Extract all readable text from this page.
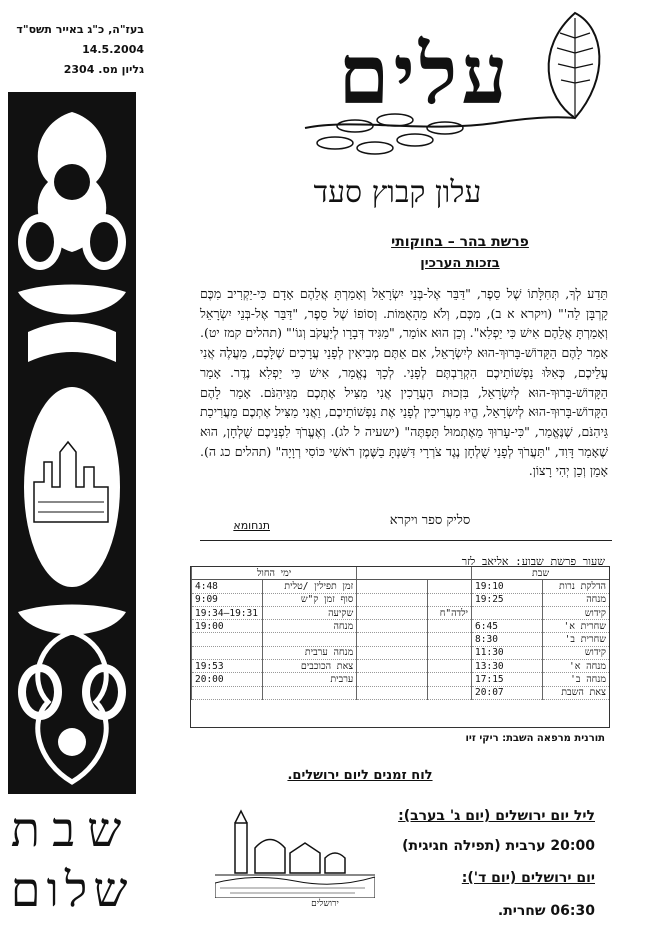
בעז"ה, כ"ג באייר תשס"ד
14.5.2004
גליון מס. 2304
שבת
שלום
עלים
עלון קבוץ סעד
פרשת בהר – בחוקותי
בזכות הערכין
תֵּדַע לְךָ, תְּחִלָּתוֹ שֶׁל סֵפֶר, "דַּבֵּר אֶל-בְּנֵי יִשְׂרָאֵל וְאָמַרְתָּ אֲלֵהֶם אָדָם כִּי-יַקְרִיב מִכֶּם קָרְבָּן לַה'" (ויקרא א ב), מִכֶּם, וְלֹא מֵהָאֻמּוֹת. וְסוֹפוֹ שֶׁל סֵפֶר, "דַּבֵּר אֶל-בְּנֵי יִשְׂרָאֵל וְאָמַרְתָּ אֲלֵהֶם אִישׁ כִּי יַפְלִא". וְכֵן הוּא אוֹמֵר, "מַגִּיד דְּבָרָו לְיַעֲקֹב וְגוֹ'" (תהלים קמז יט). אָמַר לָהֶם הַקָּדוֹשׁ-בָּרוּךְ-הוּא לְיִשְׂרָאֵל, אִם אַתֶּם מְבִיאִין לְפָנַי עֲרָכִים שֶׁלָּכֶם, מַעֲלֶה אֲנִי עֲלֵיכֶם, כְּאִלּוּ נַפְשׁוֹתֵיכֶם הִקְרַבְתֶּם לְפָנַי. לְכָךְ נֶאֱמַר, אִישׁ כִּי יַפְלִא נֶדֶר. אָמַר הַקָּדוֹשׁ-בָּרוּךְ-הוּא לְיִשְׂרָאֵל, בִּזְכוּת הָעֲרָכִין אֲנִי מַצִּיל אֶתְכֶם מִגֵּיהִנֹּם. אָמַר לָהֶם הַקָּדוֹשׁ-בָּרוּךְ-הוּא לְיִשְׂרָאֵל, הֱיוּ מַעֲרִיכִין לְפָנַי אֶת נַפְשׁוֹתֵיכֶם, וַאֲנִי מַצִּיל אֶתְכֶם מֵעֲרִיכַת גֵּיהִנֹּם, שֶׁנֶּאֱמַר, "כִּי-עָרוּךְ מֵאֶתְמוּל תָּפְתֶּה" (ישעיה ל לג). וְאֶעֱרֹךְ לִפְנֵיכֶם שֻׁלְחָן, הוּא שֶׁאָמַר דָּוִד, "תַּעֲרֹךְ לְפָנַי שֻׁלְחָן נֶגֶד צֹרְרָי דִּשַּׁנְתָּ בַשֶּׁמֶן רֹאשִׁי כּוֹסִי רְוָיָה" (תהלים כג ה). אָמֵן וְכֵן יְהִי רָצוֹן.
סליק ספר ויקרא
תנחומא
שעור פרשת שבוע: אליאב לזר
שבת				ימי החול	
הדלקת נרות	19:10			זמן תפילין /טלית	4:48
מנחה	19:25			סוף זמן ק"ש	9:09
קידוש		ילדה"ח		שקיעה	19:31–19:34
שחרית א'	6:45			מנחה	19:00
שחרית ב'	8:30				
קידוש	11:30			מנחה ערבית	
מנחה א'	13:30			צאת הכוכבים	19:53
מנחה ב'	17:15			ערבית	20:00
צאת השבת	20:07				
תורנית מרפאה השבת: ריקי זיו
לוח זמנים ליום ירושלים.
ליל יום ירושלים (יום ג' בערב):
20:00 ערבית (תפילה חגיגית)
יום ירושלים (יום ד'):
06:30 שחרית.
ירושלים
